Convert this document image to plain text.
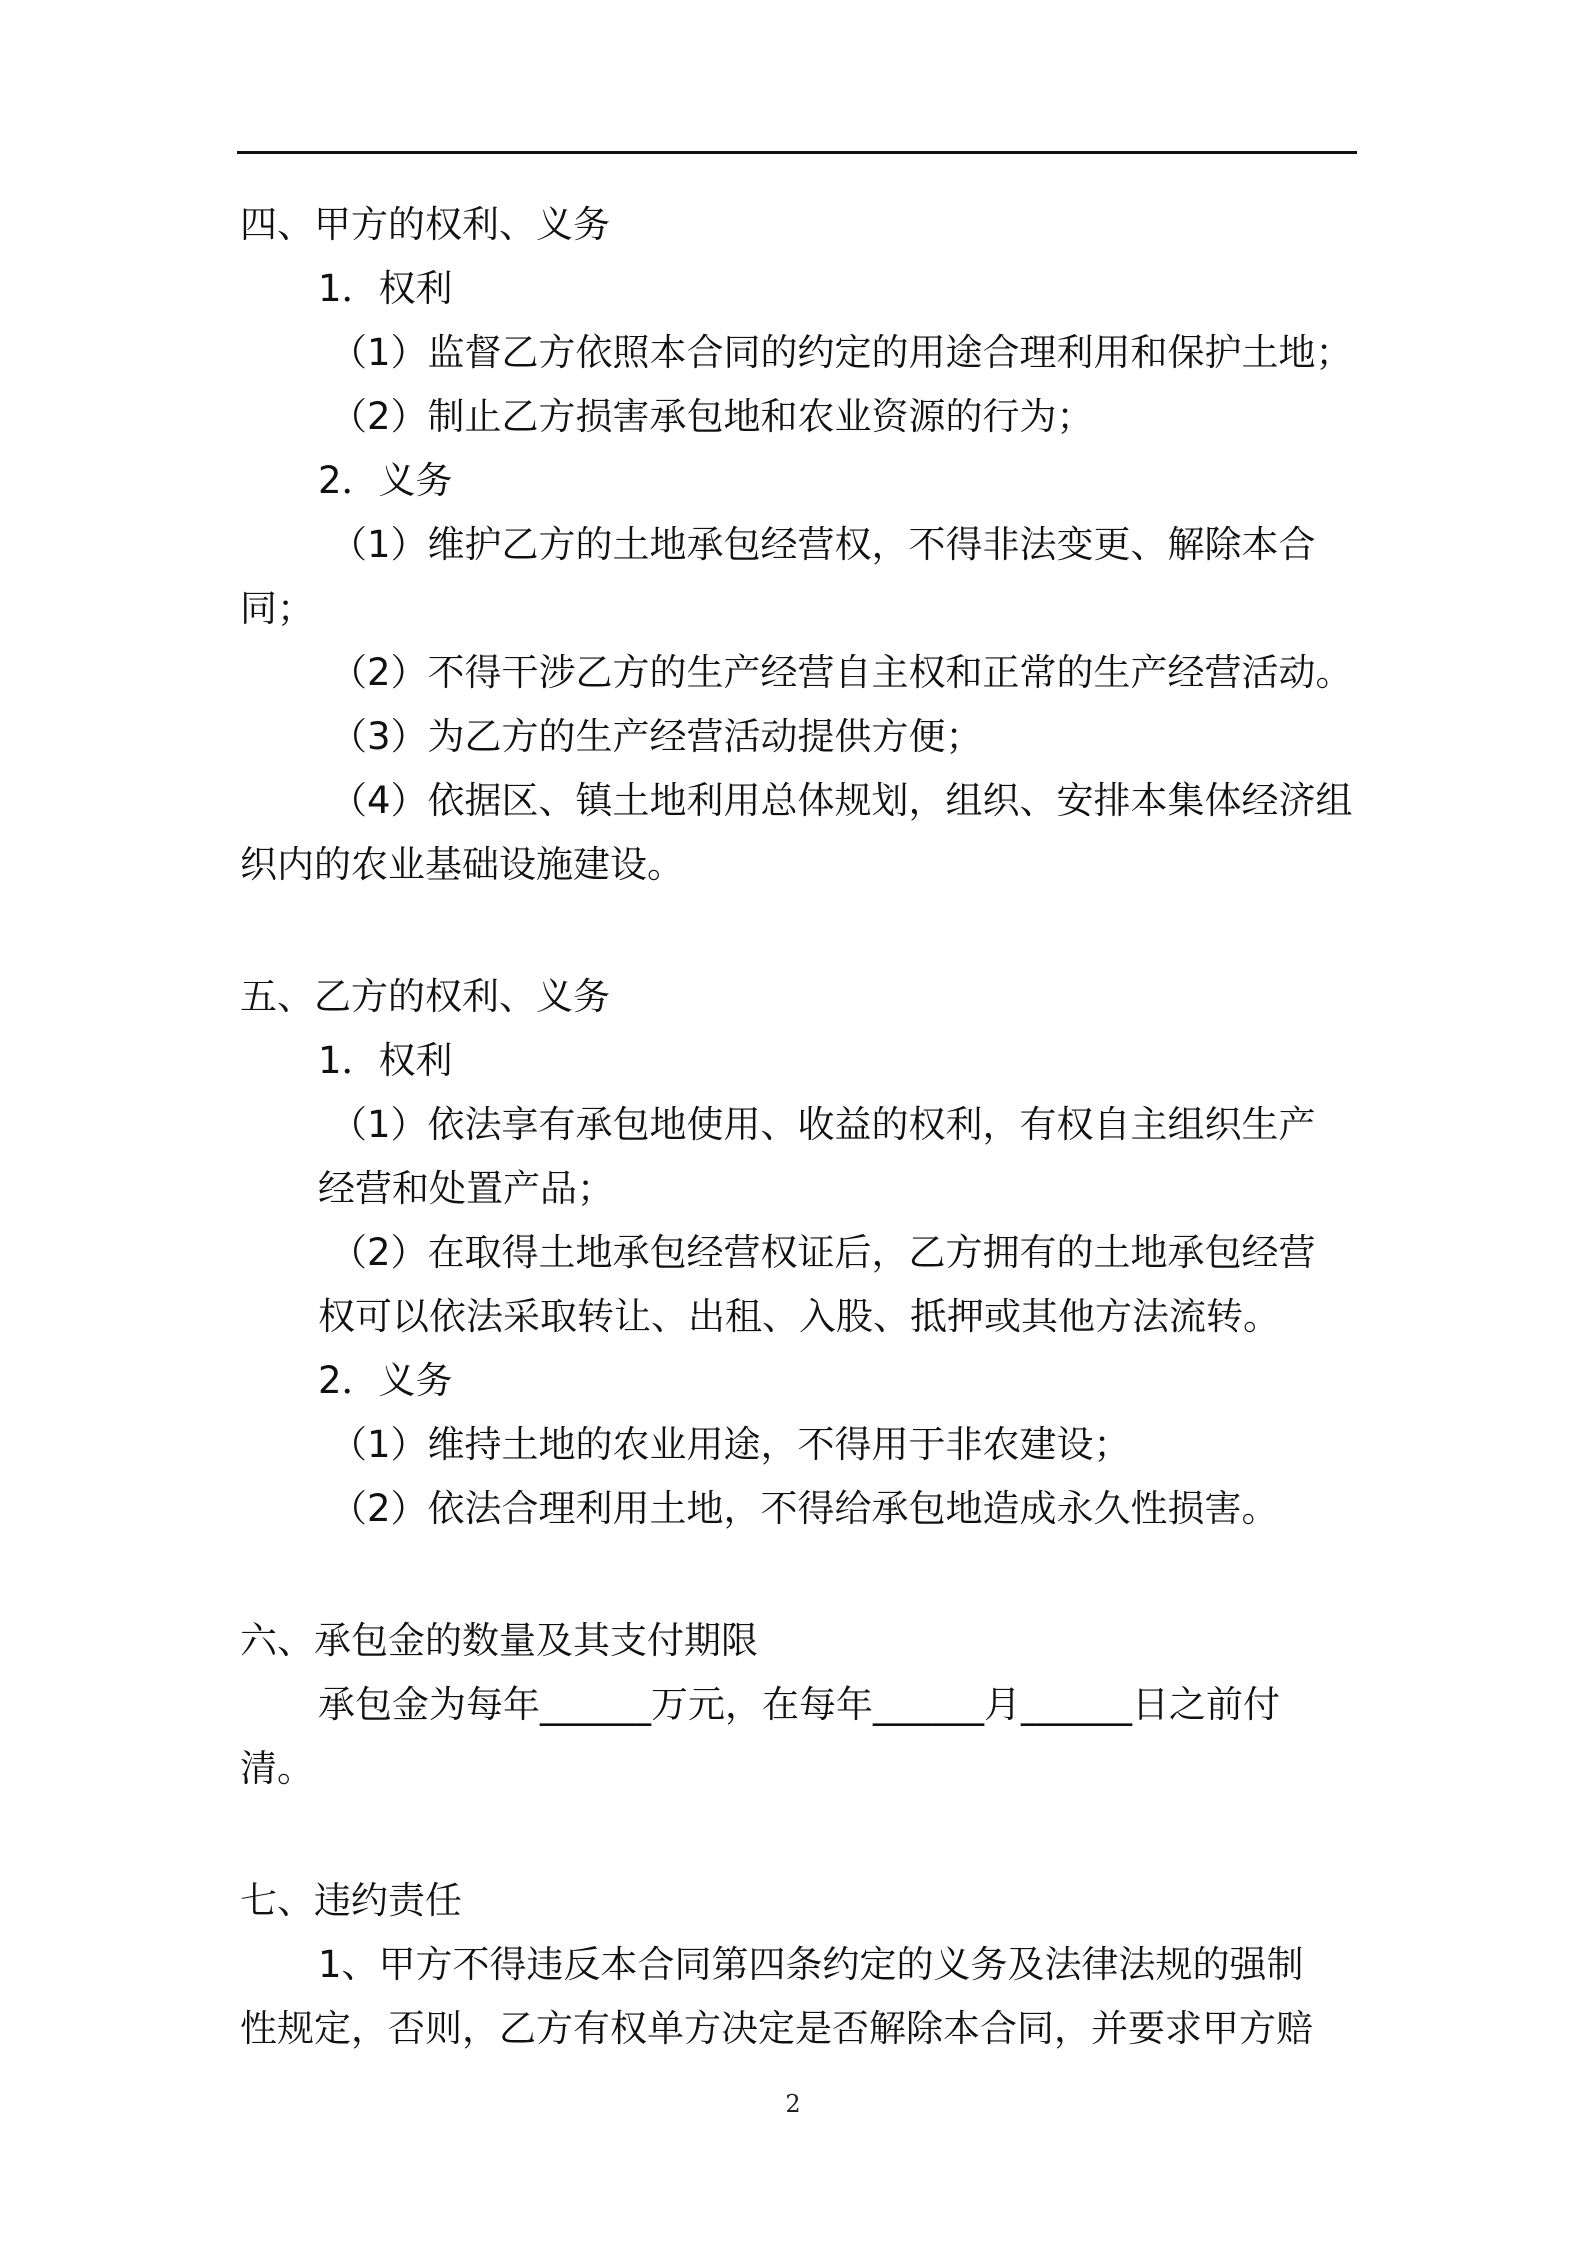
四、甲方的权利、义务
1．权利
（1）监督乙方依照本合同的约定的用途合理利用和保护土地；
（2）制止乙方损害承包地和农业资源的行为；
2．义务
（1）维护乙方的土地承包经营权，不得非法变更、解除本合
同；
（2）不得干涉乙方的生产经营自主权和正常的生产经营活动。
（3）为乙方的生产经营活动提供方便；
（4）依据区、镇土地利用总体规划，组织、安排本集体经济组
织内的农业基础设施建设。
五、乙方的权利、义务
1．权利
（1）依法享有承包地使用、收益的权利，有权自主组织生产
经营和处置产品；
（2）在取得土地承包经营权证后，乙方拥有的土地承包经营
权可以依法采取转让、出租、入股、抵押或其他方法流转。
2．义务
（1）维持土地的农业用途，不得用于非农建设；
（2）依法合理利用土地，不得给承包地造成永久性损害。
六、承包金的数量及其支付期限
承包金为每年______万元，在每年______月______日之前付
清。
七、违约责任
1、甲方不得违反本合同第四条约定的义务及法律法规的强制
性规定，否则，乙方有权单方决定是否解除本合同，并要求甲方赔
2
